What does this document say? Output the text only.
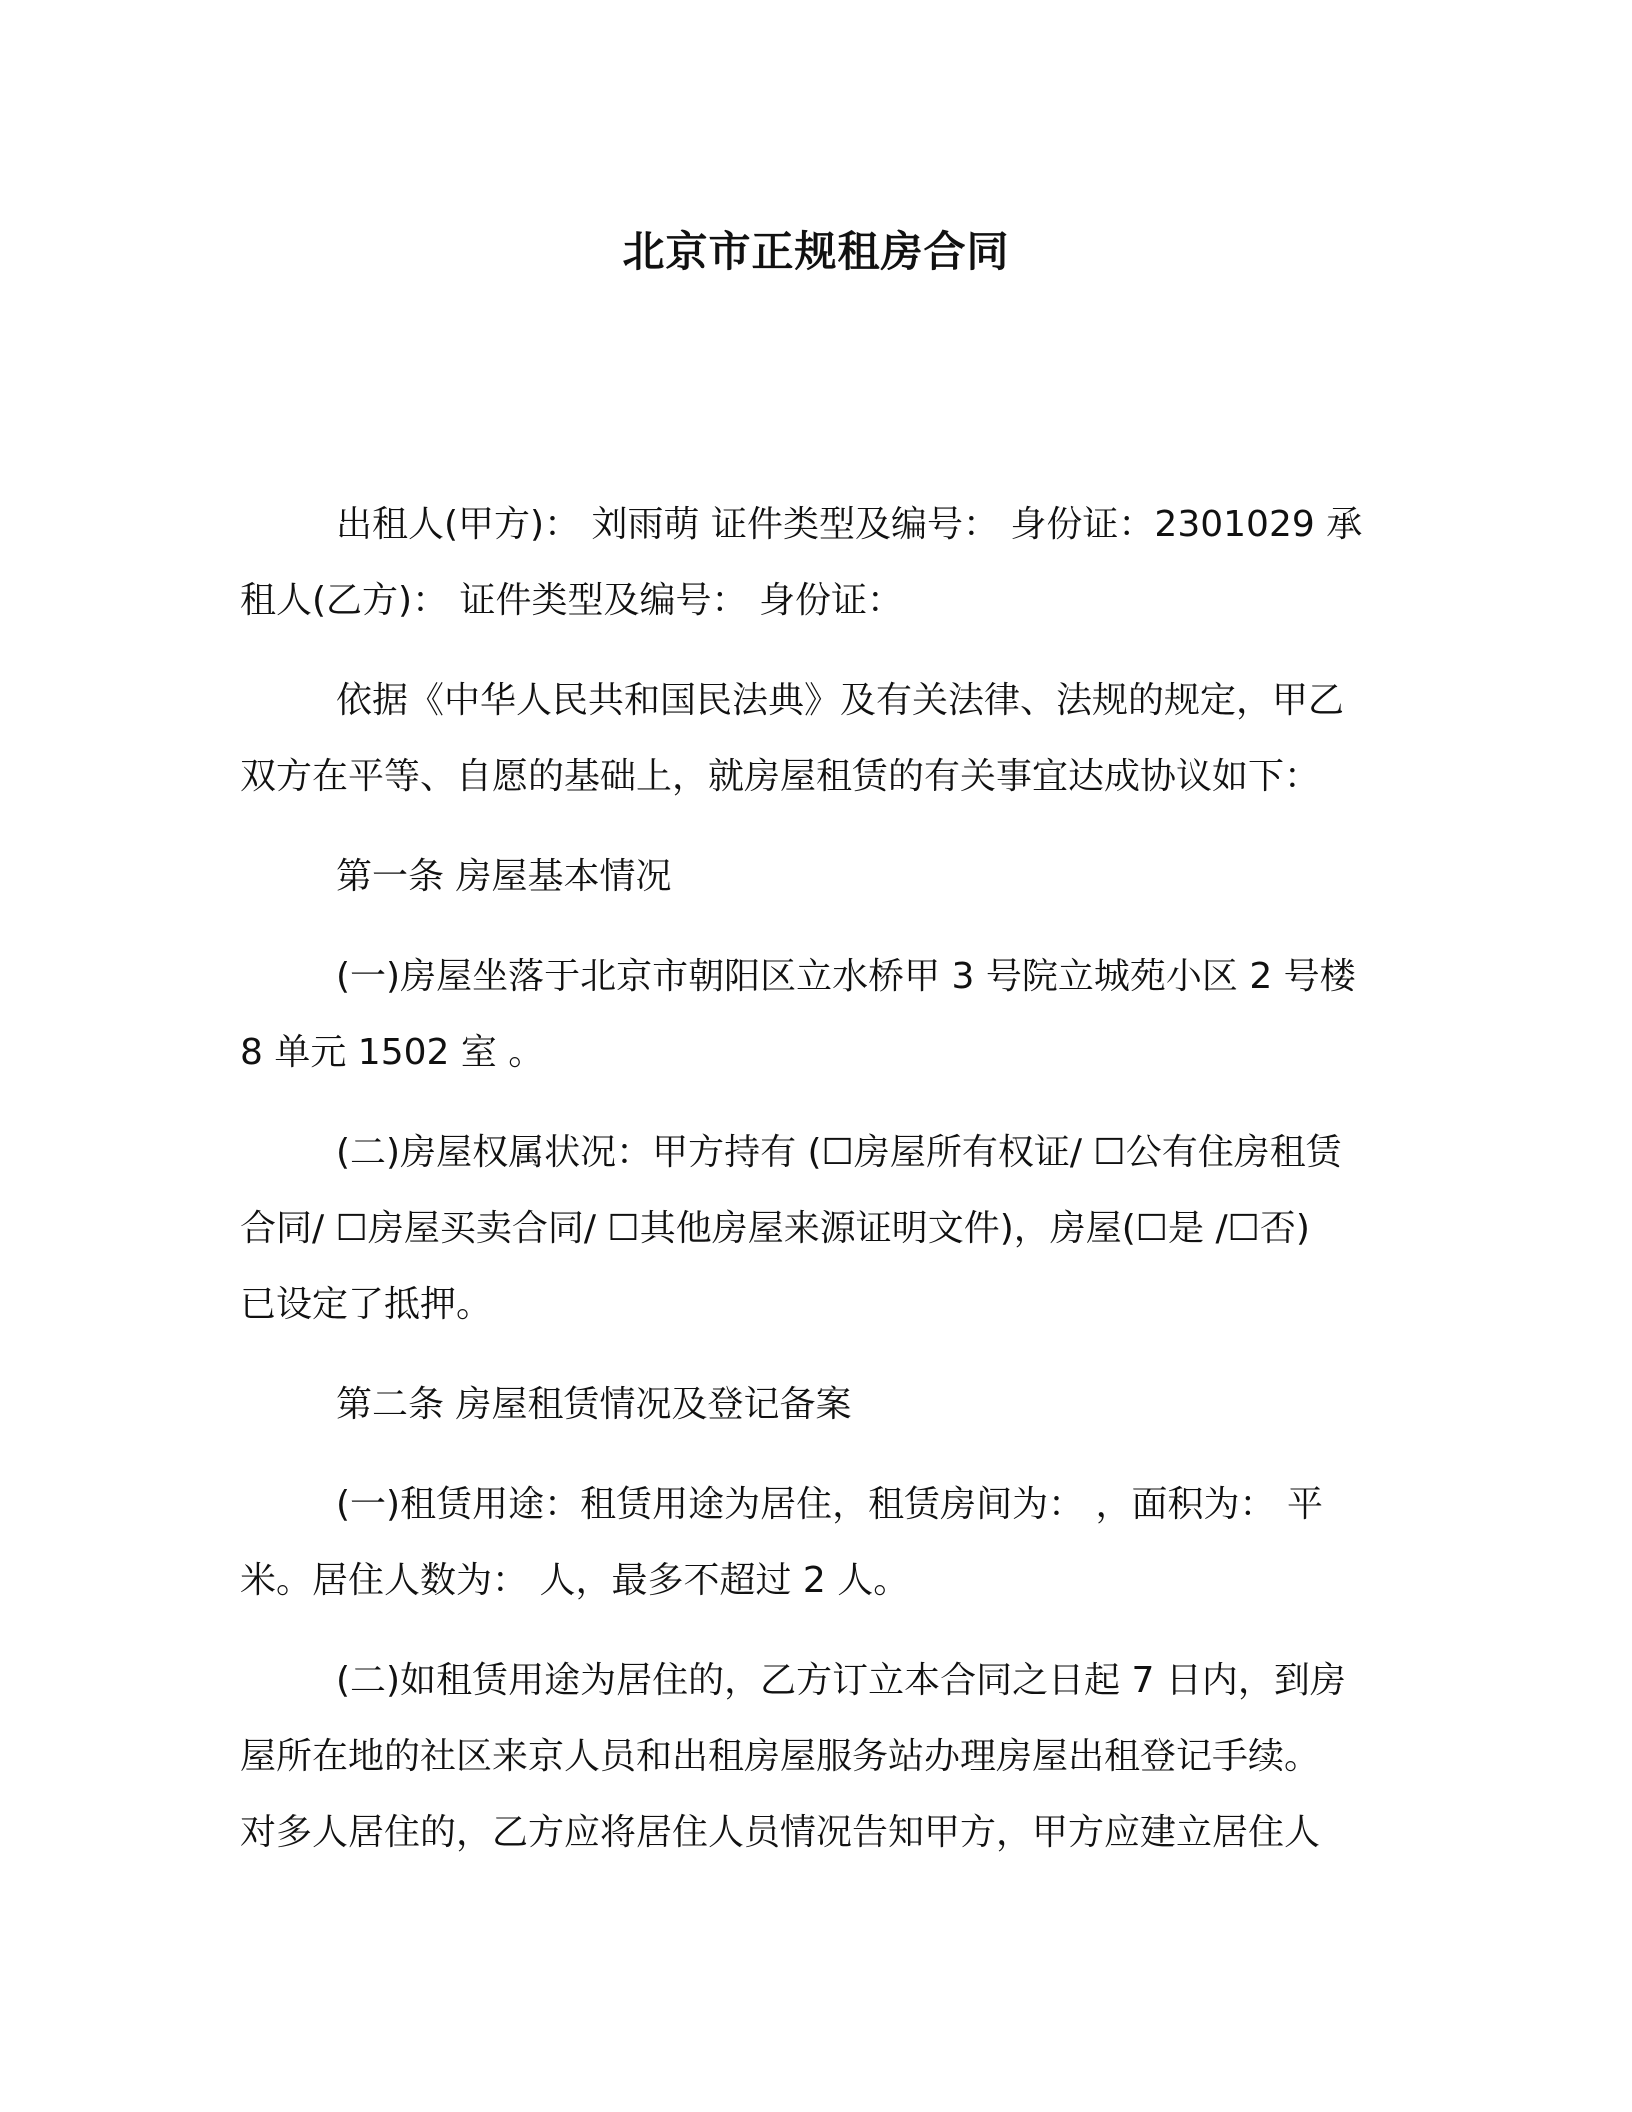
北京市正规租房合同
出租人(甲方)： 刘雨萌 证件类型及编号： 身份证：2301029 承
租人(乙方)： 证件类型及编号： 身份证：
依据《中华人民共和国民法典》及有关法律、法规的规定，甲乙
双方在平等、自愿的基础上，就房屋租赁的有关事宜达成协议如下：
第一条 房屋基本情况
(一)房屋坐落于北京市朝阳区立水桥甲 3 号院立城苑小区 2 号楼
8 单元 1502 室 。
(二)房屋权属状况：甲方持有 (☐房屋所有权证/ ☐公有住房租赁
合同/ ☐房屋买卖合同/ ☐其他房屋来源证明文件)，房屋(☐是 /☐否)
已设定了抵押。
第二条 房屋租赁情况及登记备案
(一)租赁用途：租赁用途为居住，租赁房间为： ，面积为： 平
米。居住人数为： 人，最多不超过 2 人。
(二)如租赁用途为居住的，乙方订立本合同之日起 7 日内，到房
屋所在地的社区来京人员和出租房屋服务站办理房屋出租登记手续。
对多人居住的，乙方应将居住人员情况告知甲方，甲方应建立居住人
